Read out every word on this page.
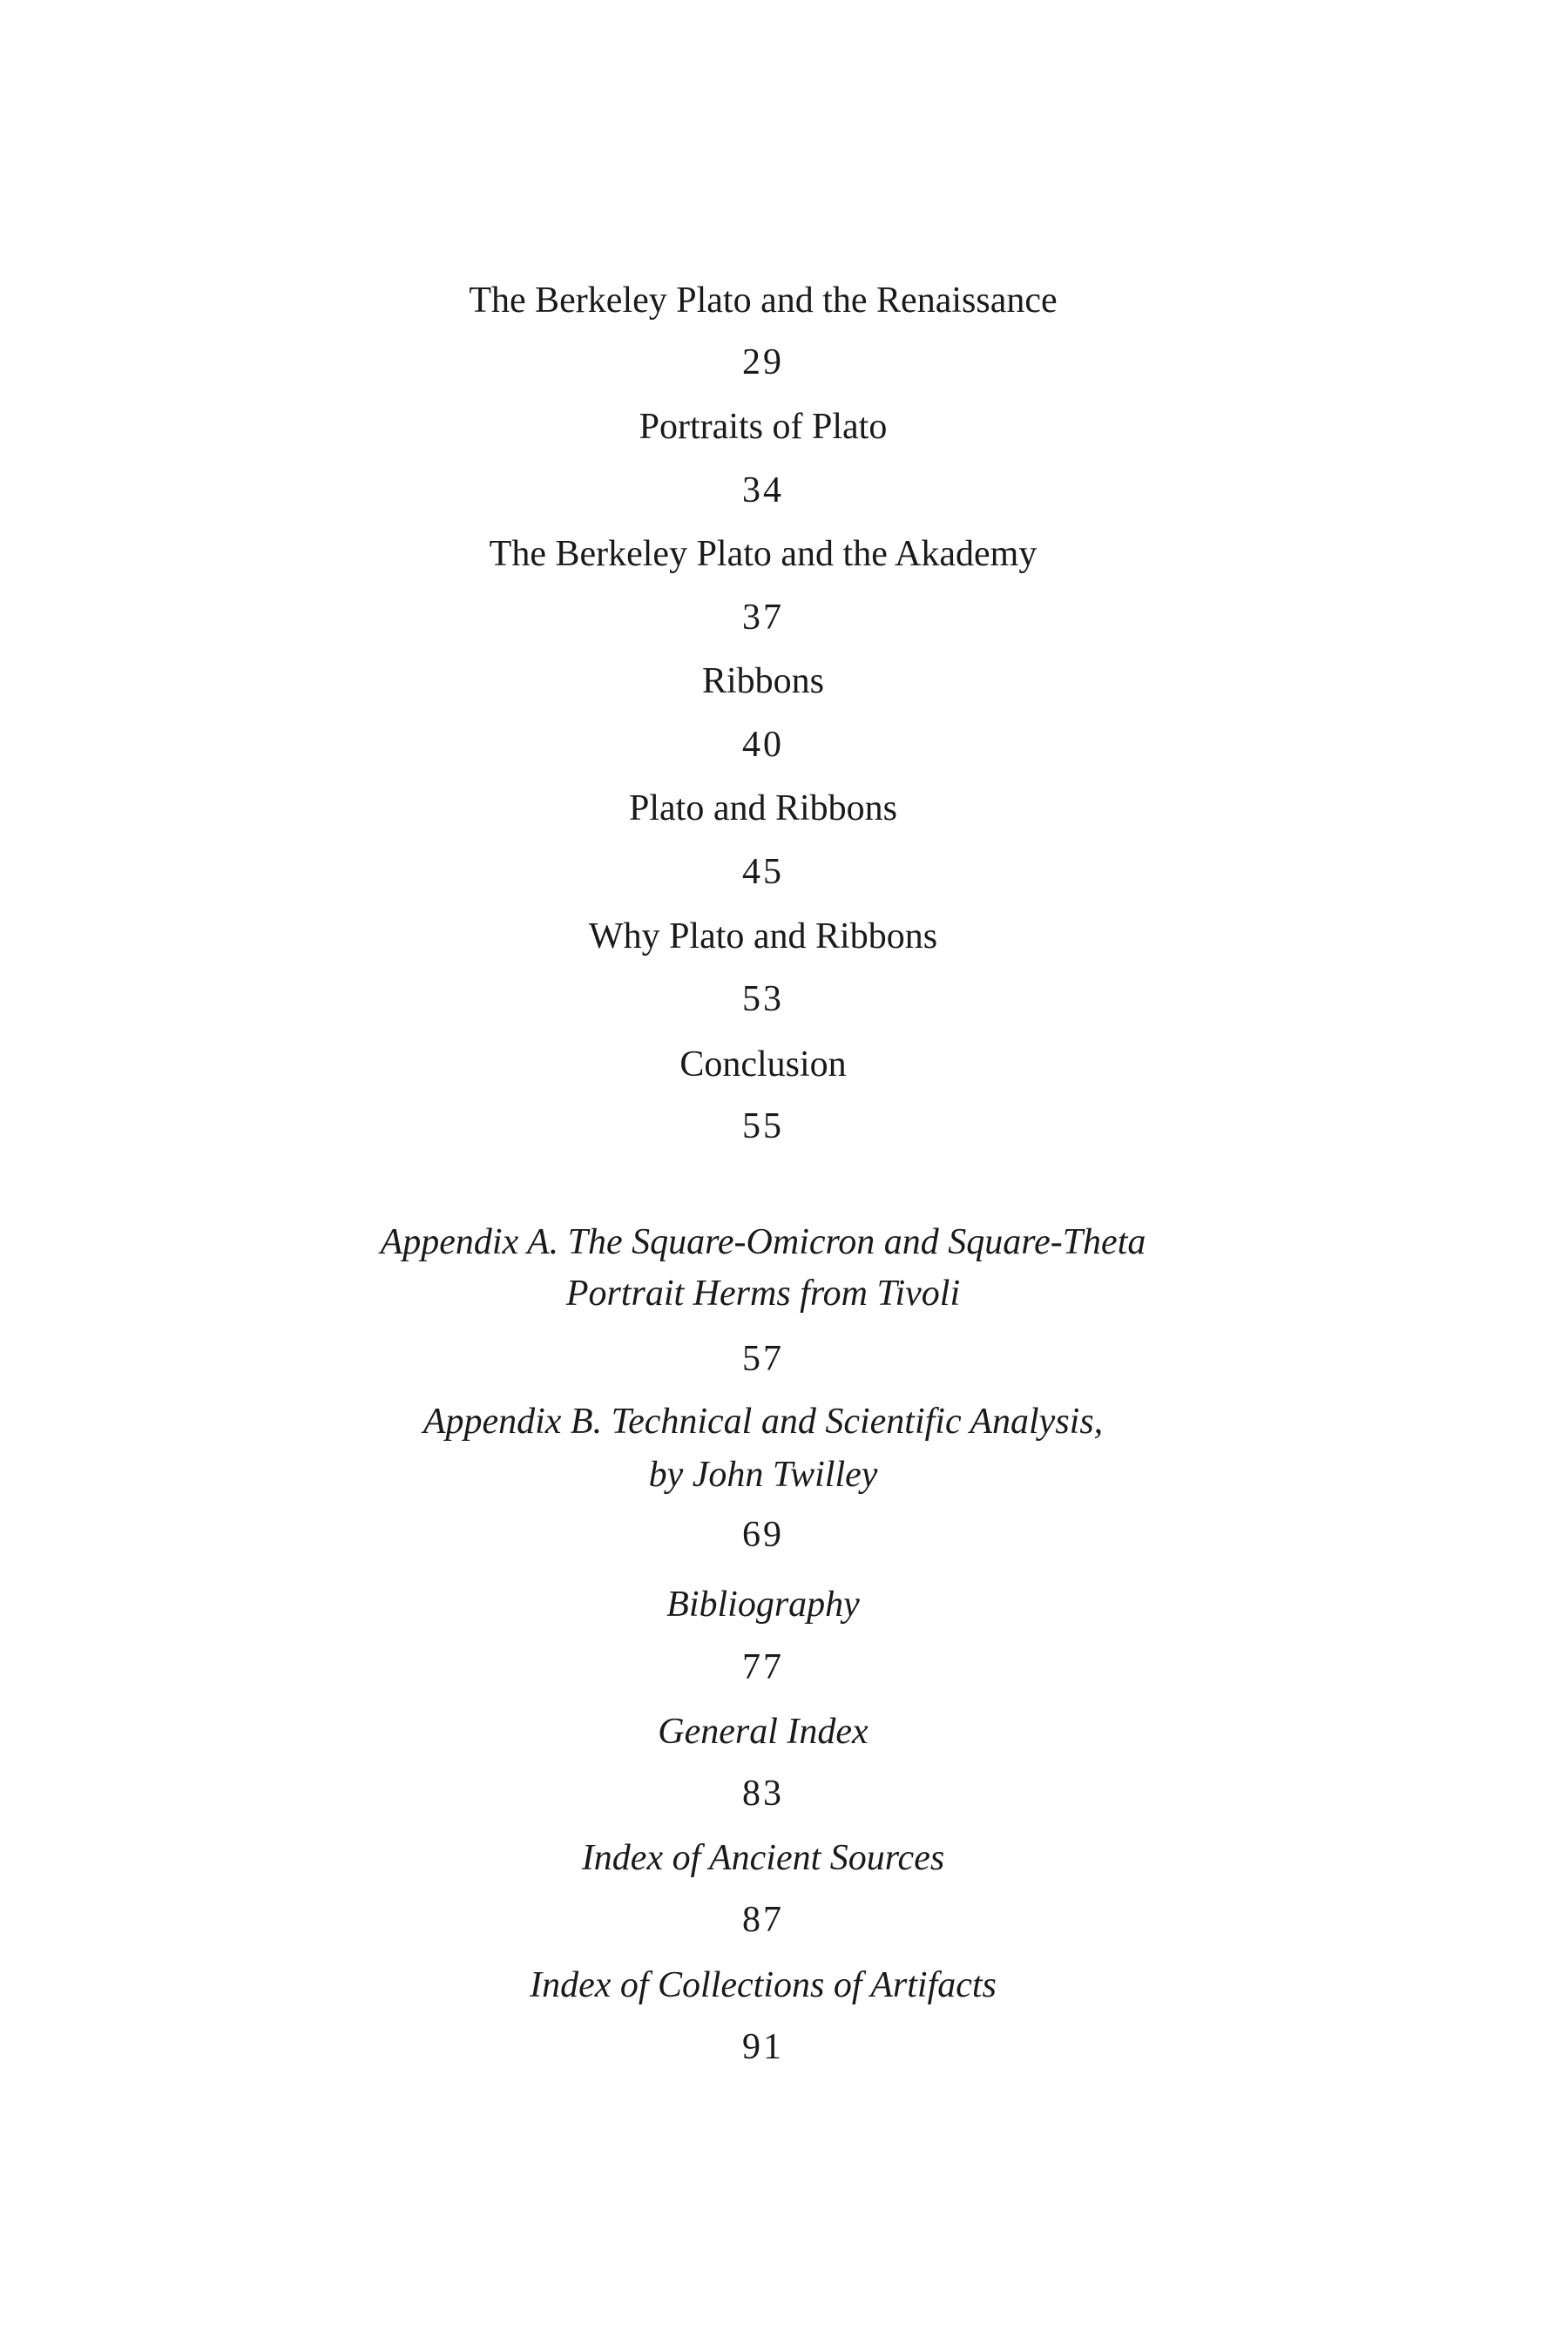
The Berkeley Plato and the Renaissance
29
Portraits of Plato
34
The Berkeley Plato and the Akademy
37
Ribbons
40
Plato and Ribbons
45
Why Plato and Ribbons
53
Conclusion
55
Appendix A. The Square-Omicron and Square-Theta
Portrait Herms from Tivoli
57
Appendix B. Technical and Scientific Analysis,
by John Twilley
69
Bibliography
77
General Index
83
Index of Ancient Sources
87
Index of Collections of Artifacts
91
